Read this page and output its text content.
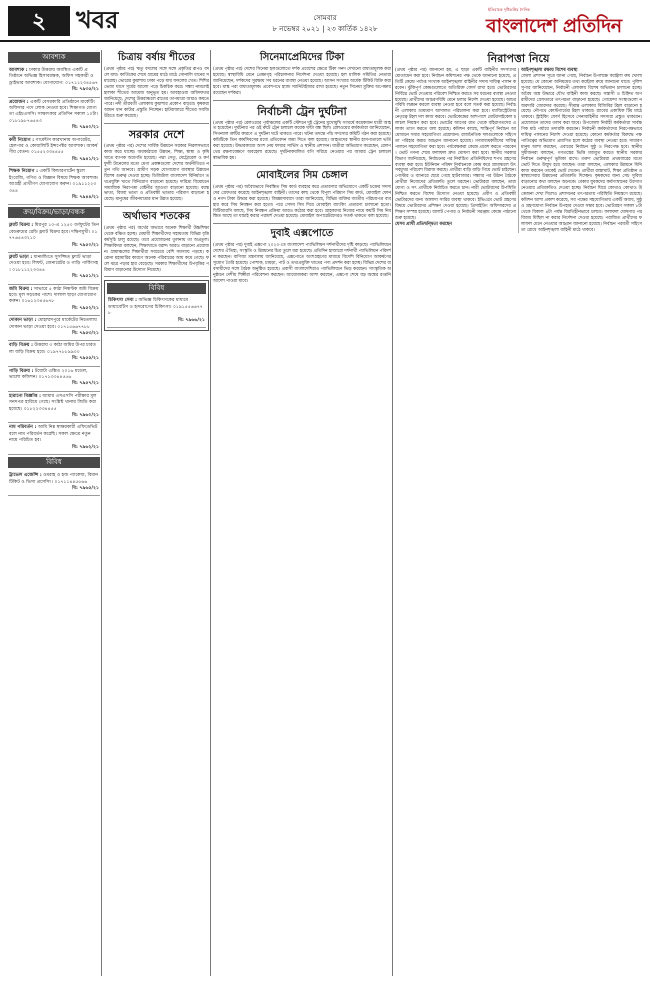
২	খবর	সোমবার
৮ নভেম্বর ২০২১ | ২৩ কার্তিক ১৪২৮
ইতিবাচক দৃষ্টিভঙ্গির দৈনিক
বাংলাদেশ প্রতিদিন
আবশ্যক
আবশ্যক : ঢাকার উত্তরায় অবস্থিত একটি প্রতিষ্ঠানে অভিজ্ঞ হিসাবরক্ষক, অফিস সহকারী ও ড্রাইভার আবশ্যক। যোগাযোগ: ০১৭১১২৩৪৫৬৭
বি: ৭৯৩৫/২১
প্রয়োজন : একটি বেসরকারি প্রতিষ্ঠানে মার্কেটিং অফিসার পদে লোক নেওয়া হবে। শিক্ষাগত যোগ্যতা এইচএসসি। সাক্ষাৎকার প্রতিদিন সকাল ১০টা। ০১৮১৯৮৭৬৫৪৩
বি: ৭৯৪০/২১
কর্মী নিয়োগ : গার্মেন্টস কারখানায় অপারেটর, হেলপার ও কোয়ালিটি ইন্সপেক্টর আবশ্যক। আকর্ষণীয় বেতন। ০১৫৫২৩৩৪৪৫৫
বি: ৭৯৪১/২১
শিক্ষক নিয়োগ : একটি কিন্ডারগার্টেন স্কুলে ইংরেজি, গণিত ও বিজ্ঞান বিষয়ে শিক্ষক আবশ্যক। আগ্রহী প্রার্থীগণ যোগাযোগ করুন। ০১৯১১২২৩৩৪৪
বি: ৭৯৪৪/২১
ক্রয়/বিক্রয়/ভাড়া/বন্ধক
ফ্ল্যাট বিক্রয় : মিরপুর ১০-এ ১২৫০ বর্গফুটের তিন বেডরুমের রেডি ফ্ল্যাট বিক্রয় হবে। দক্ষিণমুখী। ০১৭৭৬৫৪৩২১০
বি: ৭৯৫০/২১
ফ্ল্যাট ভাড়া : ধানমন্ডিতে সুসজ্জিত ফ্ল্যাট ভাড়া দেওয়া হবে। লিফট, জেনারেটর ও গাড়ি পার্কিংসহ। ০১৮১১২২৩৩৪৪
বি: ৭৯৫১/২১
জমি বিক্রয় : সাভারে ৫ কাঠা নিষ্কণ্টক জমি বিক্রয় হবে। মূল সড়কের পাশে। দালাল ছাড়া যোগাযোগ করুন। ০১৬১২৩৪৫৬৭৮
বি: ৭৯৫২/২১
দোকান ভাড়া : মোহাম্মদপুরে মার্কেটের নিচতলায় দোকান ভাড়া দেওয়া হবে। ০১৭১৫৬৬৭৭৮৮
বি: ৭৯৫৩/২১
বাড়ি বিক্রয় : উত্তরায় ৩ কাঠা জমির উপর চারতলা বাড়ি বিক্রয় হবে। ০১৯৭৭৮৮৯৯০০
বি: ৭৯৫৫/২১
গাড়ি বিক্রয় : টয়োটা এক্সিও ২০১৬ মডেল, ভালো কন্ডিশন। ০১৭১৩৩৪৪৫৫৬
বি: ৭৯৫৭/২১
হারানো বিজ্ঞপ্তি : আমার এসএসসি পরীক্ষার মূল সনদপত্র হারিয়ে গেছে। সংশ্লিষ্ট থানায় জিডি করা হয়েছে। ০১৮২২৩৩৪৪৫৫
বি: ৭৯৬০/২১
নাম পরিবর্তন : আমি নিম্ন স্বাক্ষরকারী এফিডেভিট বলে নাম পরিবর্তন করেছি। সকল ক্ষেত্রে নতুন নামে পরিচিত হব।
বি: ৭৯৬২/২১
বিবিধ
ট্রাভেল এজেন্সি : ওমরাহ ও হজ প্যাকেজ, বিমান টিকিট ও ভিসা প্রসেসিং। ০১৭১১৪৪৫৫৬৬
বি: ৭৯৬৫/২১
চিত্রায় বর্ষায় শীতের
(প্রথম পৃষ্ঠার পর) ঋতু বদলের সঙ্গে সঙ্গে প্রকৃতির রূপও বদলে যায়। কার্তিকের শেষে গ্রামের মাঠে মাঠে সোনালি ধানের সমারোহ। ভোরের কুয়াশায় ঢাকা পড়ে যায় ফসলের খেত। শিশিরভেজা ঘাসে সূর্যের আলো পড়ে চিকচিক করে। সন্ধ্যা নামলেই হালকা শীতের আমেজ অনুভূত হয়। আবহাওয়া অধিদফতর জানিয়েছে, দেশের উত্তরাঞ্চলে রাতের তাপমাত্রা আরও কমতে পারে। নদী তীরবর্তী এলাকায় কুয়াশার প্রকোপ বাড়বে। কৃষকরা আমন ধান কাটার প্রস্তুতি নিচ্ছেন। হাটবাজারে শীতের সবজি উঠতে শুরু করেছে।
সরকার দেশে
(প্রথম পৃষ্ঠার পর) দেশের সার্বিক উন্নয়নে সরকার নিরলসভাবে কাজ করে যাচ্ছে। অবকাঠামো উন্নয়ন, শিক্ষা, স্বাস্থ্য ও কৃষি খাতে ব্যাপক অগ্রগতি হয়েছে। পদ্মা সেতু, মেট্রোরেল ও কর্ণফুলী টানেলের মতো মেগা প্রকল্পগুলো দেশের অর্থনীতিতে নতুন গতি আনবে। গ্রামীণ সড়ক যোগাযোগ ব্যবস্থার উন্নয়নে বিশেষ গুরুত্ব দেওয়া হচ্ছে। ডিজিটাল বাংলাদেশ বিনির্মাণে তথ্যপ্রযুক্তি খাতে বিনিয়োগ বাড়ানো হয়েছে। দারিদ্র্য বিমোচনে সামাজিক নিরাপত্তা বেষ্টনীর আওতা বাড়ানো হয়েছে। বয়স্ক ভাতা, বিধবা ভাতা ও প্রতিবন্ধী ভাতার পরিমাণ বাড়ানো হয়েছে। মানুষের জীবনযাত্রার মান উন্নত হয়েছে।
অর্থাভাব শতকের
(প্রথম পৃষ্ঠার পর) অর্থের অভাবে অনেক শিক্ষার্থী উচ্চশিক্ষা থেকে বঞ্চিত হচ্ছে। মেধাবী শিক্ষার্থীদের সহায়তায় বিভিন্ন বৃত্তি কর্মসূচি চালু রয়েছে। তবে প্রয়োজনের তুলনায় তা অপ্রতুল। শিক্ষাবিদরা বলছেন, শিক্ষাখাতে বরাদ্দ আরও বাড়ানো প্রয়োজন। গ্রামাঞ্চলের শিক্ষার্থীরা সবচেয়ে বেশি সমস্যায় পড়ছে। করোনা মহামারির কারণে অনেক পরিবারের আয় কমে গেছে। ফলে ঝরে পড়ার হার বেড়েছে। সরকার শিক্ষার্থীদের উপবৃত্তির পরিমাণ বাড়ানোর উদ্যোগ নিয়েছে।
বিবিধ
চিকিৎসা সেবা : অভিজ্ঞ চিকিৎসকের মাধ্যমে ডায়াবেটিস ও হৃদরোগের চিকিৎসা। ০১৯১৫৫৬৬৭৭৮
বি: ৭৯৬৬/২১
সিনেমাপ্রেমিদের টিকা
(প্রথম পৃষ্ঠার পর) দেশের সিনেমা হলগুলোতে দর্শক প্রবেশের ক্ষেত্রে টিকা সনদ দেখানো বাধ্যতামূলক করা হয়েছে। স্বাস্থ্যবিধি মেনে প্রেক্ষাগৃহ পরিচালনার নির্দেশনা দেওয়া হয়েছে। হল মালিক সমিতির নেতারা জানিয়েছেন, দর্শকদের সুরক্ষায় সব ধরনের ব্যবস্থা নেওয়া হয়েছে। আসন সংখ্যার অর্ধেক টিকিট বিক্রি করা হবে। মাস্ক পরা বাধ্যতামূলক। প্রবেশপথে হ্যান্ড স্যানিটাইজার রাখা হয়েছে। নতুন সিনেমা মুক্তির অপেক্ষায় রয়েছেন দর্শকরা।
নির্বাচনী ট্রেন দুর্ঘটনা
(প্রথম পৃষ্ঠার পর) রেলওয়ের পূর্বাঞ্চলের একটি স্টেশনে দুই ট্রেনের মুখোমুখি সংঘর্ষে কয়েকজন যাত্রী আহত হয়েছেন। দুর্ঘটনার পর ওই রুটে ট্রেন চলাচল কয়েক ঘণ্টা বন্ধ ছিল। রেলওয়ের কর্মকর্তারা জানিয়েছেন, সিগন্যাল ত্রুটির কারণে এ দুর্ঘটনা ঘটে থাকতে পারে। ঘটনা তদন্তে পাঁচ সদস্যের কমিটি গঠন করা হয়েছে। কমিটিকে তিন কার্যদিবসের মধ্যে প্রতিবেদন জমা দিতে বলা হয়েছে। আহতদের স্থানীয় হাসপাতালে ভর্তি করা হয়েছে। উদ্ধারকাজে অংশ নেয় ফায়ার সার্ভিস ও স্থানীয় প্রশাসন। যাত্রীরা অভিযোগ করেছেন, রেলপথের রক্ষণাবেক্ষণে অবহেলা রয়েছে। দুর্ঘটনাকবলিত বগি সরিয়ে নেওয়ার পর আবার ট্রেন চলাচল স্বাভাবিক হয়।
মোবাইলের সিম চেঙ্গাল
(প্রথম পৃষ্ঠার পর) অবৈধভাবে নিবন্ধিত সিম কার্ড ব্যবহার করে প্রতারণার অভিযোগে একটি চক্রের সদস্যদের গ্রেফতার করেছে আইনশৃঙ্খলা বাহিনী। তাদের কাছ থেকে বিপুল পরিমাণ সিম কার্ড, মোবাইল ফোন ও নগদ টাকা উদ্ধার করা হয়েছে। জিজ্ঞাসাবাদে তারা জানিয়েছে, বিভিন্ন ব্যক্তির জাতীয় পরিচয়পত্র ব্যবহার করে সিম নিবন্ধন করা হতো। পরে সেসব সিম দিয়ে মোবাইল ব্যাংকিং প্রতারণা চালানো হতো। বিটিআরসি বলছে, সিম নিবন্ধন প্রক্রিয়া আরও কঠোর করা হবে। গ্রাহকদের নিজের নামে কয়টি সিম নিবন্ধিত আছে তা যাচাই করার পরামর্শ দেওয়া হয়েছে। মোবাইল অপারেটরদেরও সতর্ক থাকতে বলা হয়েছে।
দুবাই এক্সপোতে
(প্রথম পৃষ্ঠার পর) দুবাই এক্সপো ২০২০-তে বাংলাদেশ প্যাভিলিয়ন দর্শনার্থীদের দৃষ্টি কাড়ছে। প্যাভিলিয়নে দেশের ঐতিহ্য, সংস্কৃতি ও উন্নয়নের চিত্র তুলে ধরা হয়েছে। প্রতিদিন হাজারো দর্শনার্থী প্যাভিলিয়ন পরিদর্শন করছেন। বাণিজ্য মন্ত্রণালয় জানিয়েছে, এক্সপোতে অংশগ্রহণের মাধ্যমে বিদেশি বিনিয়োগ আকর্ষণের সুযোগ তৈরি হয়েছে। পোশাক, চামড়া, পাট ও তথ্যপ্রযুক্তি খাতের পণ্য প্রদর্শন করা হচ্ছে। বিভিন্ন দেশের ব্যবসায়ীদের সঙ্গে বৈঠক অনুষ্ঠিত হয়েছে। প্রবাসী বাংলাদেশিরাও প্যাভিলিয়নে ভিড় করছেন। সাংস্কৃতিক অনুষ্ঠানে দেশীয় শিল্পীরা পরিবেশনা করছেন। আয়োজকরা আশা করছেন, এক্সপো শেষে বড় অঙ্কের রপ্তানি আদেশ পাওয়া যাবে।
নিরাপত্তা নিয়ে
(প্রথম পৃষ্ঠার পর) জানানো হয়, এ ছাড়া একটি বাহিনীর সদস্যদের মোতায়েন করা হবে। নির্বাচন কমিশনের পক্ষ থেকে জানানো হয়েছে, প্রতিটি কেন্দ্রে পর্যাপ্ত সংখ্যক আইনশৃঙ্খলা বাহিনীর সদস্য দায়িত্ব পালন করবেন। ঝুঁকিপূর্ণ কেন্দ্রগুলোতে অতিরিক্ত ফোর্স রাখা হবে। ভোটারদের নির্বিঘ্নে ভোট দেওয়ার পরিবেশ নিশ্চিত করতে সব ধরনের ব্যবস্থা নেওয়া হয়েছে। প্রার্থীদের আচরণবিধি মেনে চলার নির্দেশ দেওয়া হয়েছে। আচরণবিধি লঙ্ঘন করলে ব্যবস্থা নেওয়া হবে বলে সতর্ক করা হয়েছে। নির্বাচনী এলাকায় ভ্রাম্যমাণ আদালত পরিচালনা করা হবে। ম্যাজিস্ট্রেটদের নেতৃত্বে টহল দল কাজ করবে। ভোটকেন্দ্রের আশপাশে মোটরসাইকেল চলাচল নিয়ন্ত্রণ করা হবে। ভোটের আগের রাত থেকে বহিরাগতদের এলাকা ত্যাগ করতে বলা হয়েছে। কমিশন বলছে, শান্তিপূর্ণ নির্বাচন আয়োজনে সবার সহযোগিতা প্রয়োজন। রাজনৈতিক দলগুলোকে সহিংসতা পরিহার করার আহ্বান জানানো হয়েছে। গণমাধ্যমকর্মীদের দায়িত্ব পালনে সহযোগিতা করা হবে। পর্যবেক্ষকরা কেন্দ্রে প্রবেশ করতে পারবেন। ভোট গণনা শেষে ফলাফল দ্রুত ঘোষণা করা হবে। স্থানীয় সরকার বিভাগ জানিয়েছে, নির্বাচনের পর নির্বাচিত প্রতিনিধিদের শপথ গ্রহণের ব্যবস্থা করা হবে। ইউনিয়ন পরিষদ নির্বাচনকে কেন্দ্র করে গ্রামাঞ্চলে উৎসবমুখর পরিবেশ বিরাজ করছে। প্রার্থীরা বাড়ি বাড়ি গিয়ে ভোট চাইছেন। পোস্টার ও ব্যানারে ছেয়ে গেছে হাটবাজার। সন্ধ্যার পর উঠান বৈঠকে প্রার্থীরা নিজেদের প্রতিশ্রুতি তুলে ধরছেন। ভোটাররা বলছেন, তারা যোগ্য ও সৎ প্রার্থীকে নির্বাচিত করতে চান। নারী ভোটারদের উপস্থিতি নিশ্চিত করতে বিশেষ উদ্যোগ নেওয়া হয়েছে। প্রবীণ ও প্রতিবন্ধী ভোটারদের জন্য আলাদা সারির ব্যবস্থা থাকবে। ইভিএমে ভোট গ্রহণের বিষয়ে ভোটারদের প্রশিক্ষণ দেওয়া হয়েছে। প্রিসাইডিং অফিসারদের প্রশিক্ষণ সম্পন্ন হয়েছে। ব্যালট পেপার ও নির্বাচনী সরঞ্জাম কেন্দ্রে পাঠানো শুরু হয়েছে।
যেসব প্রার্থী প্রতিদ্বন্দ্বিতা করছেন
আইনশৃঙ্খলা রক্ষায় বিশেষ ব্যবস্থা
জেলা প্রশাসন সূত্রে জানা গেছে, নির্বাচন উপলক্ষে কন্ট্রোল রুম খোলা হয়েছে। যে কোনো অনিয়মের তথ্য কন্ট্রোল রুমে জানানো যাবে। পুলিশ সুপার জানিয়েছেন, নির্বাচনী এলাকায় বিশেষ অভিযান চালানো হচ্ছে। অবৈধ অস্ত্র উদ্ধারে যৌথ বাহিনী কাজ করছে। সন্ত্রাসী ও চিহ্নিত অপরাধীদের গ্রেফতারে তৎপরতা বাড়ানো হয়েছে। গোয়েন্দা সংস্থাগুলো নজরদারি জোরদার করেছে। সীমান্ত এলাকায় বিজিবির টহল বাড়ানো হয়েছে। নৌপথে কোস্টগার্ডের টহল থাকবে। র‍্যাবের একাধিক টিম মাঠে থাকবে। স্ট্রাইকিং ফোর্স হিসেবে সেনাবাহিনীর সদস্যরা প্রস্তুত থাকবেন। প্রয়োজনে তাদের তলব করা যাবে। উপজেলা নির্বাহী কর্মকর্তারা সার্বক্ষণিক মাঠ পর্যায়ে তদারকি করবেন। নির্বাচনী কর্মকর্তাদের নিরপেক্ষভাবে দায়িত্ব পালনের নির্দেশ দেওয়া হয়েছে। কোনো কর্মকর্তার বিরুদ্ধে পক্ষপাতিত্বের অভিযোগ প্রমাণিত হলে কঠোর ব্যবস্থা নেওয়া হবে। সাধারণ মানুষ আশা করছেন, এবারের নির্বাচন সুষ্ঠু ও নিরপেক্ষ হবে। স্থানীয় সুধীজনরা বলছেন, গণতন্ত্রের ভিত্তি মজবুত করতে স্থানীয় সরকার নির্বাচন গুরুত্বপূর্ণ ভূমিকা রাখে। তরুণ ভোটাররা প্রথমবারের মতো ভোট দিতে উন্মুখ হয়ে আছেন। তারা বলছেন, এলাকার উন্নয়নে যিনি কাজ করবেন তাকেই ভোট দেবেন। প্রার্থীরা রাস্তাঘাট, শিক্ষা প্রতিষ্ঠান ও স্বাস্থ্যসেবার উন্নয়নের প্রতিশ্রুতি দিচ্ছেন। কৃষকদের জন্য সেচ সুবিধা বাড়ানোর কথা বলছেন অনেকে। বেকার যুবকদের কর্মসংস্থানের উদ্যোগ নেওয়ার প্রতিশ্রুতিও দেওয়া হচ্ছে। নির্বাচন ঘিরে কোথাও কোথাও উত্তেজনা দেখা দিলেও প্রশাসনের তৎপরতায় পরিস্থিতি নিয়ন্ত্রণে রয়েছে। কমিশন আশা প্রকাশ করেছে, সব পক্ষের সহযোগিতায় একটি অবাধ, সুষ্ঠু ও গ্রহণযোগ্য নির্বাচন উপহার দেওয়া সম্ভব হবে। ভোটগ্রহণ সকাল ৮টা থেকে বিকাল ৪টা পর্যন্ত বিরতিহীনভাবে চলবে। ফলাফল ঘোষণার পর বিজয় মিছিল না করার নির্দেশনা দেওয়া হয়েছে। পরাজিত প্রার্থীদের ফলাফল মেনে নেওয়ার আহ্বান জানানো হয়েছে। নির্বাচন পরবর্তী সহিংসতা রোধে আইনশৃঙ্খলা বাহিনী মাঠে থাকবে।
